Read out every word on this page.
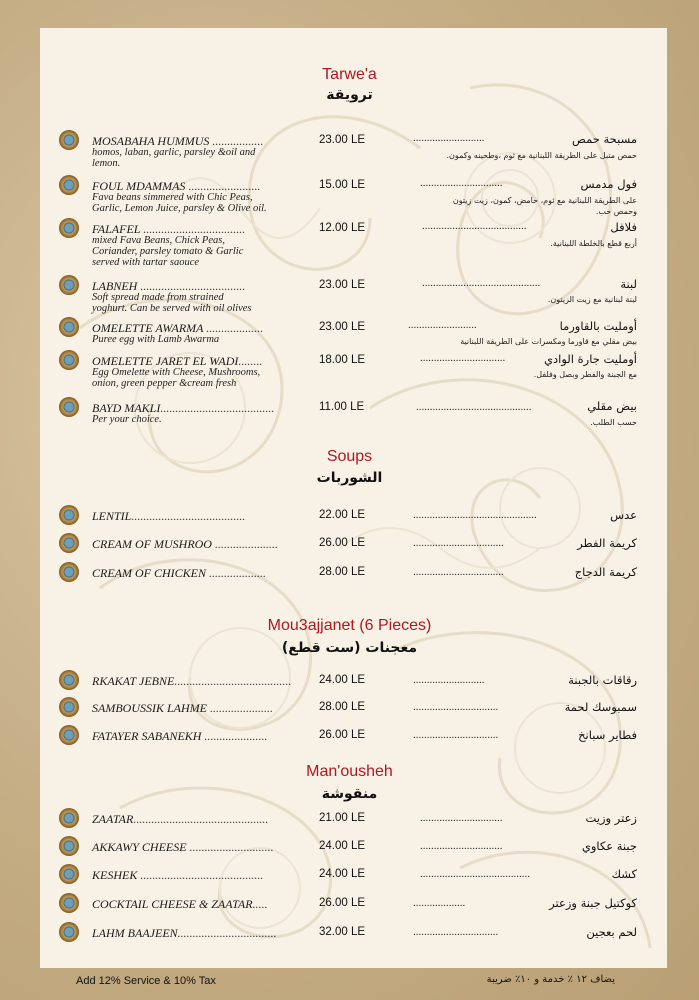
Tarwe'a
ترويقة
MOSABAHA HUMMUS .................
homos, laban, garlic, parsley &oil and
lemon.
23.00 LE	..........................	مسبحة حمص
حمص متبل على الطريقة اللبنانية مع ثوم ،وطحينه وكمون.
FOUL MDAMMAS ........................
Fava beans simmered with Chic Peas,
Garlic, Lemon Juice, parsley & Olive oil.
15.00 LE	..............................	فول مدمس
على الطريقة اللبنانية مع ثوم، حامض، كمون، زيت زيتون
وحمص حب.
FALAFEL ..................................
mixed Fava Beans, Chick Peas,
Coriander, parsley tomato & Garlic
served with tartar saouce
12.00 LE	......................................	فلافل
أربع قطع بالخلطة اللبنانية.
LABNEH ...................................
Soft spread made from strained
yoghurt. Can be served with oil olives
23.00 LE	...........................................	لبنة
لبنة لبنانية مع زيت الزيتون.
OMELETTE AWARMA ...................
Puree egg with Lamb Awarma
23.00 LE	.........................	أومليت بالقاورما
بيض مقلي مع قاورما ومكسرات على الطريقة اللبنانية
OMELETTE JARET EL WADI........
Egg Omelette with Cheese, Mushrooms,
onion, green pepper &cream fresh
18.00 LE	...............................	أومليت جارة الوادي
مع الجبنة والفطر وبصل وفلفل.
BAYD MAKLI......................................
Per your choice.
11.00 LE	..........................................	بيض مقلي
حسب الطلب.
Soups
الشوربات
LENTIL......................................	22.00 LE	.............................................	عدس
CREAM OF MUSHROO .....................	26.00 LE	.................................	كريمة الفطر
CREAM OF CHICKEN ...................	28.00 LE	.................................	كريمة الدجاج
Mou3ajjanet (6 Pieces)
معجنات (ست قطع)
RKAKAT JEBNE....................................... 24.00 LE	..........................	رقاقات بالجبنة
SAMBOUSSIK LAHME .....................	28.00 LE	...............................	سمبوسك لحمة
FATAYER SABANEKH .....................	26.00 LE	...............................	فطاير سبانخ
Man'ousheh
منقوشة
ZAATAR.............................................	21.00 LE	..............................	زعتر وزيت
AKKAWY CHEESE ............................	24.00 LE	..............................	جبنة عكاوي
KESHEK .........................................	24.00 LE	........................................	كشك
COCKTAIL CHEESE & ZAATAR.....	26.00 LE	...................	كوكتيل جبنة وزعتر
LAHM BAAJEEN.................................	32.00 LE	...............................	لحم بعجين
Add 12% Service & 10% Tax	يضاف ١٢ ٪ خدمة و ١٠٪ ضريبة
